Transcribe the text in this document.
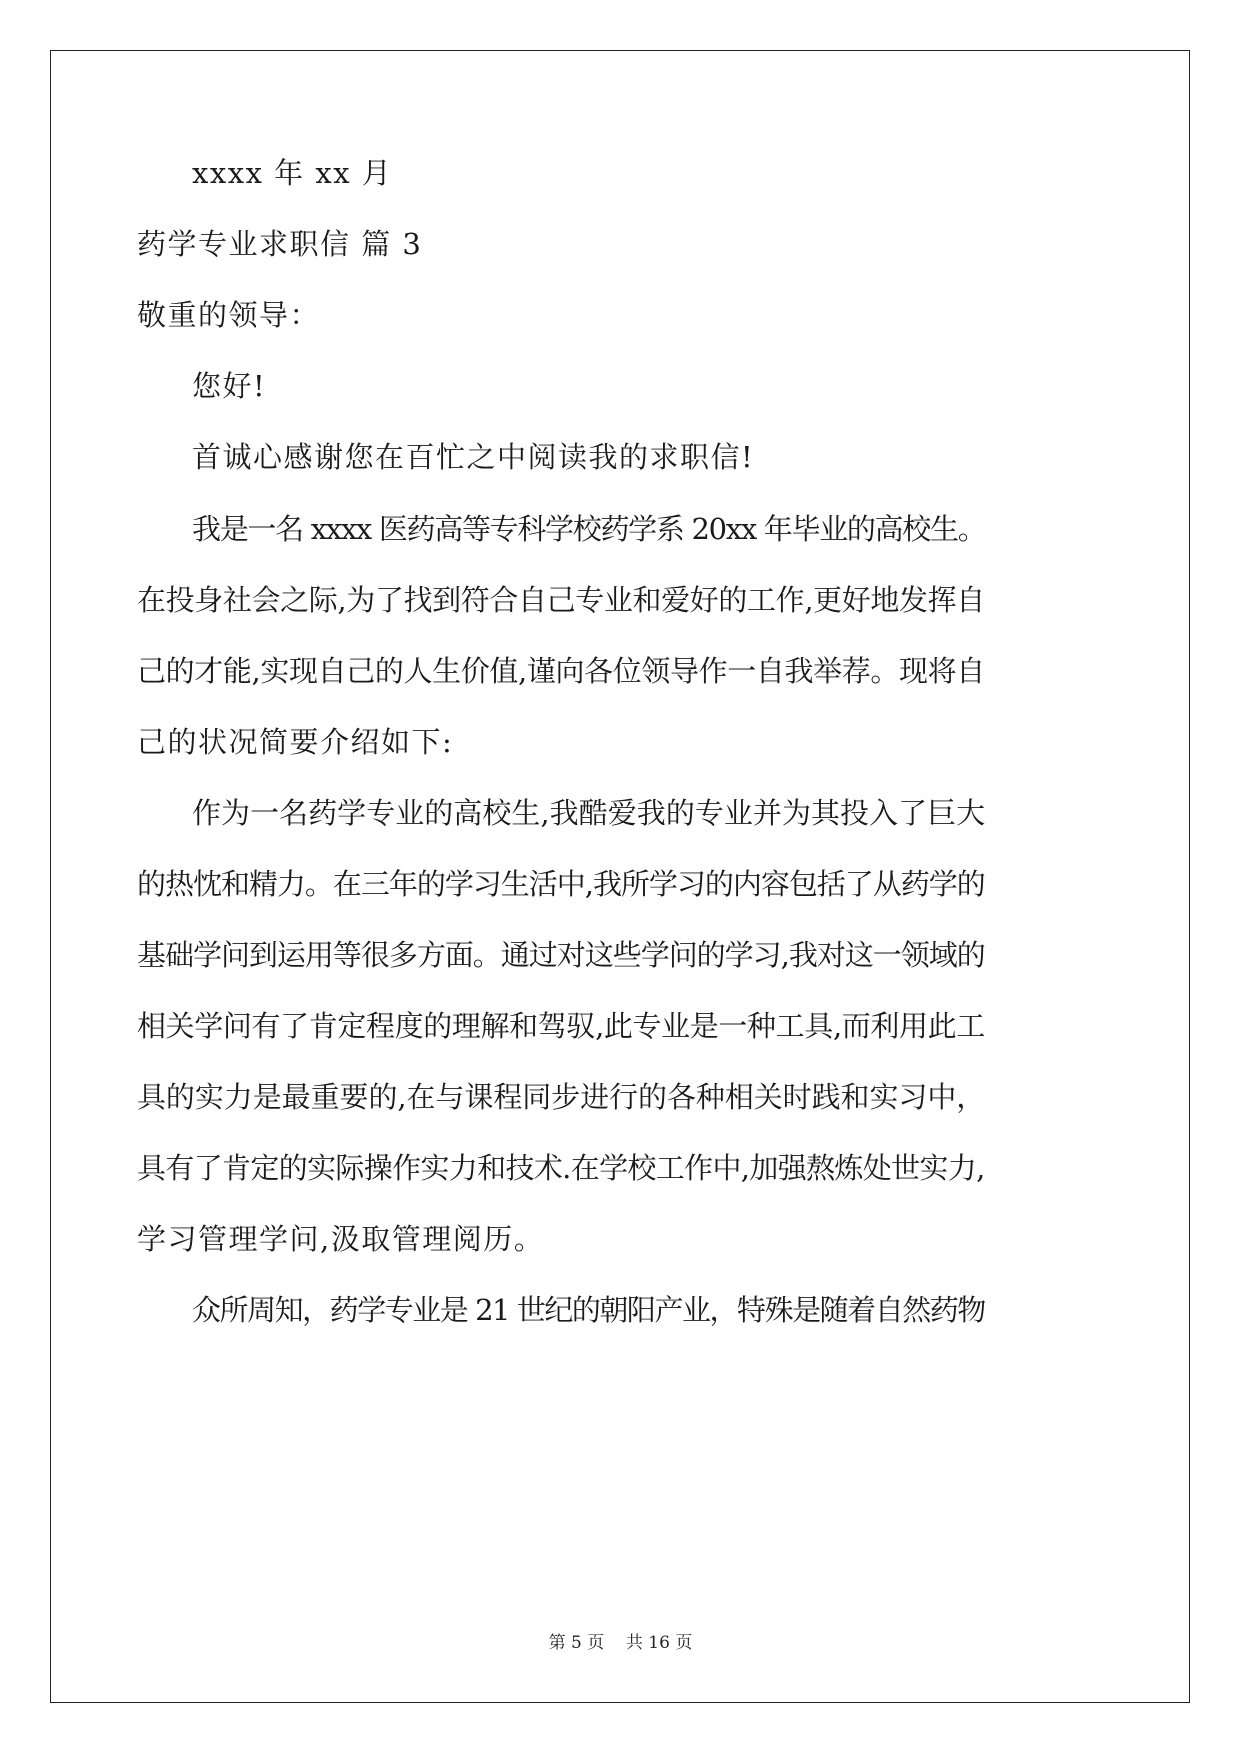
xxxx 年 xx 月
药学专业求职信 篇 3
敬重的领导：
您好!
首诚心感谢您在百忙之中阅读我的求职信!
我是一名 xxxx 医药高等专科学校药学系 20xx 年毕业的高校生。
在投身社会之际,为了找到符合自己专业和爱好的工作,更好地发挥自
己的才能,实现自己的人生价值,谨向各位领导作一自我举荐。现将自
己的状况简要介绍如下:
作为一名药学专业的高校生,我酷爱我的专业并为其投入了巨大
的热忱和精力。在三年的学习生活中,我所学习的内容包括了从药学的
基础学问到运用等很多方面。通过对这些学问的学习,我对这一领域的
相关学问有了肯定程度的理解和驾驭,此专业是一种工具,而利用此工
具的实力是最重要的,在与课程同步进行的各种相关时践和实习中，
具有了肯定的实际操作实力和技术.在学校工作中,加强熬炼处世实力,
学习管理学问,汲取管理阅历。
众所周知，药学专业是 21 世纪的朝阳产业，特殊是随着自然药物
第 5 页    共 16 页
